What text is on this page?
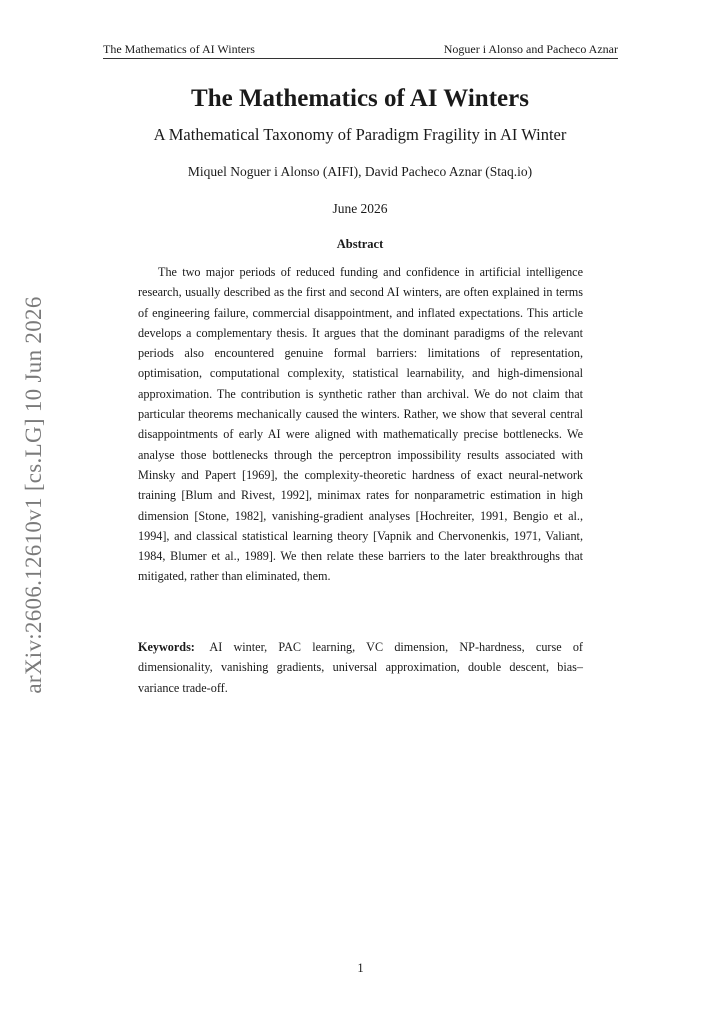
The Mathematics of AI Winters	Noguer i Alonso and Pacheco Aznar
The Mathematics of AI Winters
A Mathematical Taxonomy of Paradigm Fragility in AI Winter
Miquel Noguer i Alonso (AIFI), David Pacheco Aznar (Staq.io)
June 2026
Abstract
The two major periods of reduced funding and confidence in artificial intelligence research, usually described as the first and second AI winters, are often explained in terms of engineering failure, commercial disappointment, and inflated expectations. This article develops a complementary thesis. It argues that the dominant paradigms of the relevant periods also encountered genuine formal barriers: limitations of representation, optimisation, computational complexity, statistical learnability, and high-dimensional approximation. The contribution is synthetic rather than archival. We do not claim that particular theorems mechanically caused the winters. Rather, we show that several central disappointments of early AI were aligned with mathematically precise bottlenecks. We analyse those bottlenecks through the perceptron impossibility results associated with Minsky and Papert [1969], the complexity-theoretic hardness of exact neural-network training [Blum and Rivest, 1992], minimax rates for nonparametric estimation in high dimension [Stone, 1982], vanishing-gradient analyses [Hochreiter, 1991, Bengio et al., 1994], and classical statistical learning theory [Vapnik and Chervonenkis, 1971, Valiant, 1984, Blumer et al., 1989]. We then relate these barriers to the later breakthroughs that mitigated, rather than eliminated, them.
Keywords: AI winter, PAC learning, VC dimension, NP-hardness, curse of dimensionality, vanishing gradients, universal approximation, double descent, bias–variance trade-off.
arXiv:2606.12610v1 [cs.LG] 10 Jun 2026
1
